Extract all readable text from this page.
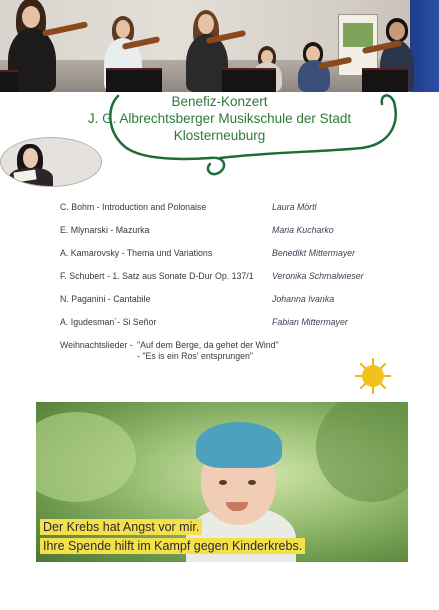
Benefiz-Konzert
J. G. Albrechtsberger Musikschule der Stadt
Klosterneuburg
C. Bohm - Introduction and Polonaise	Laura Mörtl
E. Mlynarski - Mazurka	Maria Kucharko
A. Kamarovsky - Thema und Variations	Benedikt Mittermayer
F. Schubert - 1. Satz aus Sonate D-Dur Op. 137/1 Veronika Schmalwieser
N. Paganini - Cantabile	Johanna Ivanka
A. Igudesman´- Si Señor	Fabian Mittermayer
Weihnachtslieder - "Auf dem Berge, da gehet der Wind"
- "Es is ein Ros' entsprungen"
Der Krebs hat Angst vor mir.
Ihre Spende hilft im Kampf gegen Kinderkrebs.
